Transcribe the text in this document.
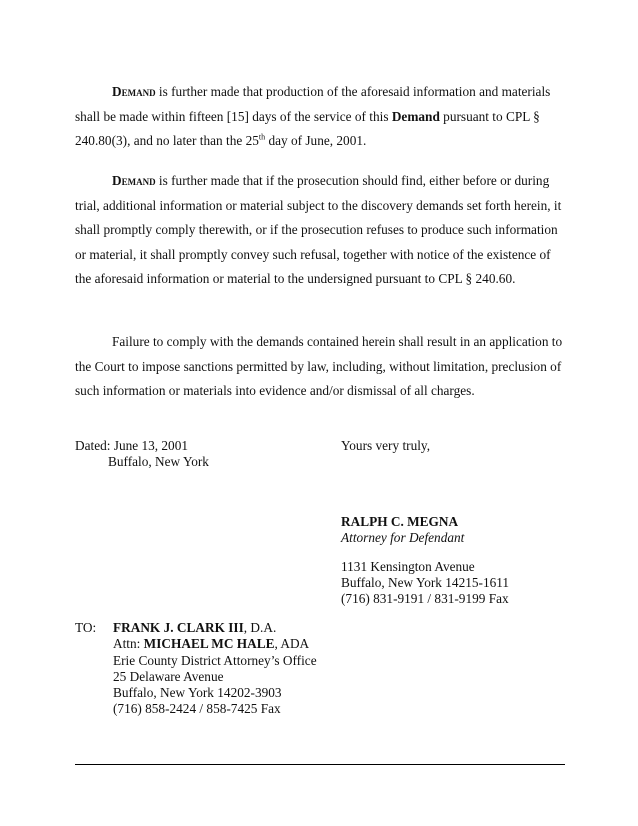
Demand is further made that production of the aforesaid information and materials shall be made within fifteen [15] days of the service of this Demand pursuant to CPL § 240.80(3), and no later than the 25th day of June, 2001.

Demand is further made that if the prosecution should find, either before or during trial, additional information or material subject to the discovery demands set forth herein, it shall promptly comply therewith, or if the prosecution refuses to produce such information or material, it shall promptly convey such refusal, together with notice of the existence of the aforesaid information or material to the undersigned pursuant to CPL § 240.60.

Failure to comply with the demands contained herein shall result in an application to the Court to impose sanctions permitted by law, including, without limitation, preclusion of such information or materials into evidence and/or dismissal of all charges.

Dated: June 13, 2001
Buffalo, New York
Yours very truly,
RALPH C. MEGNA
Attorney for Defendant
1131 Kensington Avenue
Buffalo, New York 14215-1611
(716) 831-9191 / 831-9199 Fax
TO: FRANK J. CLARK III, D.A.
Attn: MICHAEL MC HALE, ADA
Erie County District Attorney’s Office
25 Delaware Avenue
Buffalo, New York 14202-3903
(716) 858-2424 / 858-7425 Fax
